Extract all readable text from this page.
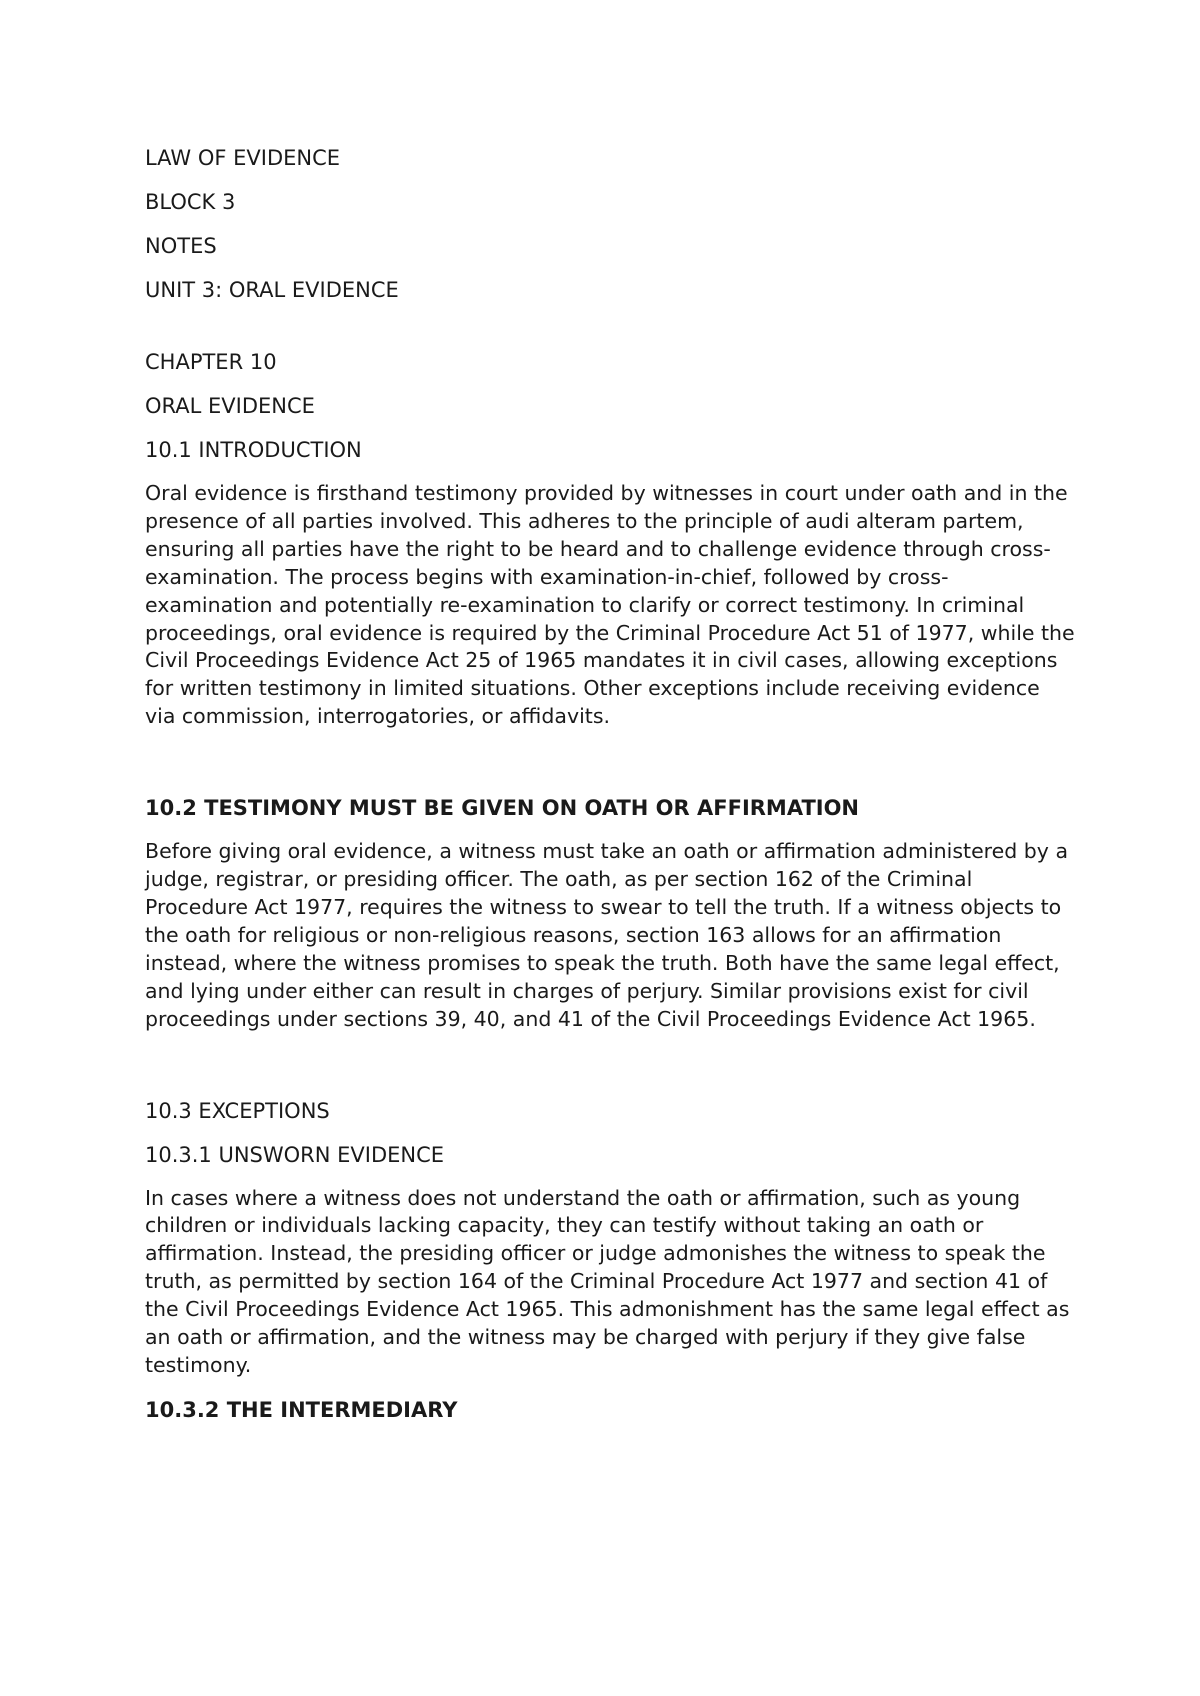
LAW OF EVIDENCE

BLOCK 3

NOTES

UNIT 3: ORAL EVIDENCE

CHAPTER 10

ORAL EVIDENCE

10.1 INTRODUCTION

Oral evidence is firsthand testimony provided by witnesses in court under oath and in the presence of all parties involved. This adheres to the principle of audi alteram partem, ensuring all parties have the right to be heard and to challenge evidence through cross-examination. The process begins with examination-in-chief, followed by cross-examination and potentially re-examination to clarify or correct testimony. In criminal proceedings, oral evidence is required by the Criminal Procedure Act 51 of 1977, while the Civil Proceedings Evidence Act 25 of 1965 mandates it in civil cases, allowing exceptions for written testimony in limited situations. Other exceptions include receiving evidence via commission, interrogatories, or affidavits.

10.2 TESTIMONY MUST BE GIVEN ON OATH OR AFFIRMATION

Before giving oral evidence, a witness must take an oath or affirmation administered by a judge, registrar, or presiding officer. The oath, as per section 162 of the Criminal Procedure Act 1977, requires the witness to swear to tell the truth. If a witness objects to the oath for religious or non-religious reasons, section 163 allows for an affirmation instead, where the witness promises to speak the truth. Both have the same legal effect, and lying under either can result in charges of perjury. Similar provisions exist for civil proceedings under sections 39, 40, and 41 of the Civil Proceedings Evidence Act 1965.

10.3 EXCEPTIONS

10.3.1 UNSWORN EVIDENCE

In cases where a witness does not understand the oath or affirmation, such as young children or individuals lacking capacity, they can testify without taking an oath or affirmation. Instead, the presiding officer or judge admonishes the witness to speak the truth, as permitted by section 164 of the Criminal Procedure Act 1977 and section 41 of the Civil Proceedings Evidence Act 1965. This admonishment has the same legal effect as an oath or affirmation, and the witness may be charged with perjury if they give false testimony.

10.3.2 THE INTERMEDIARY
